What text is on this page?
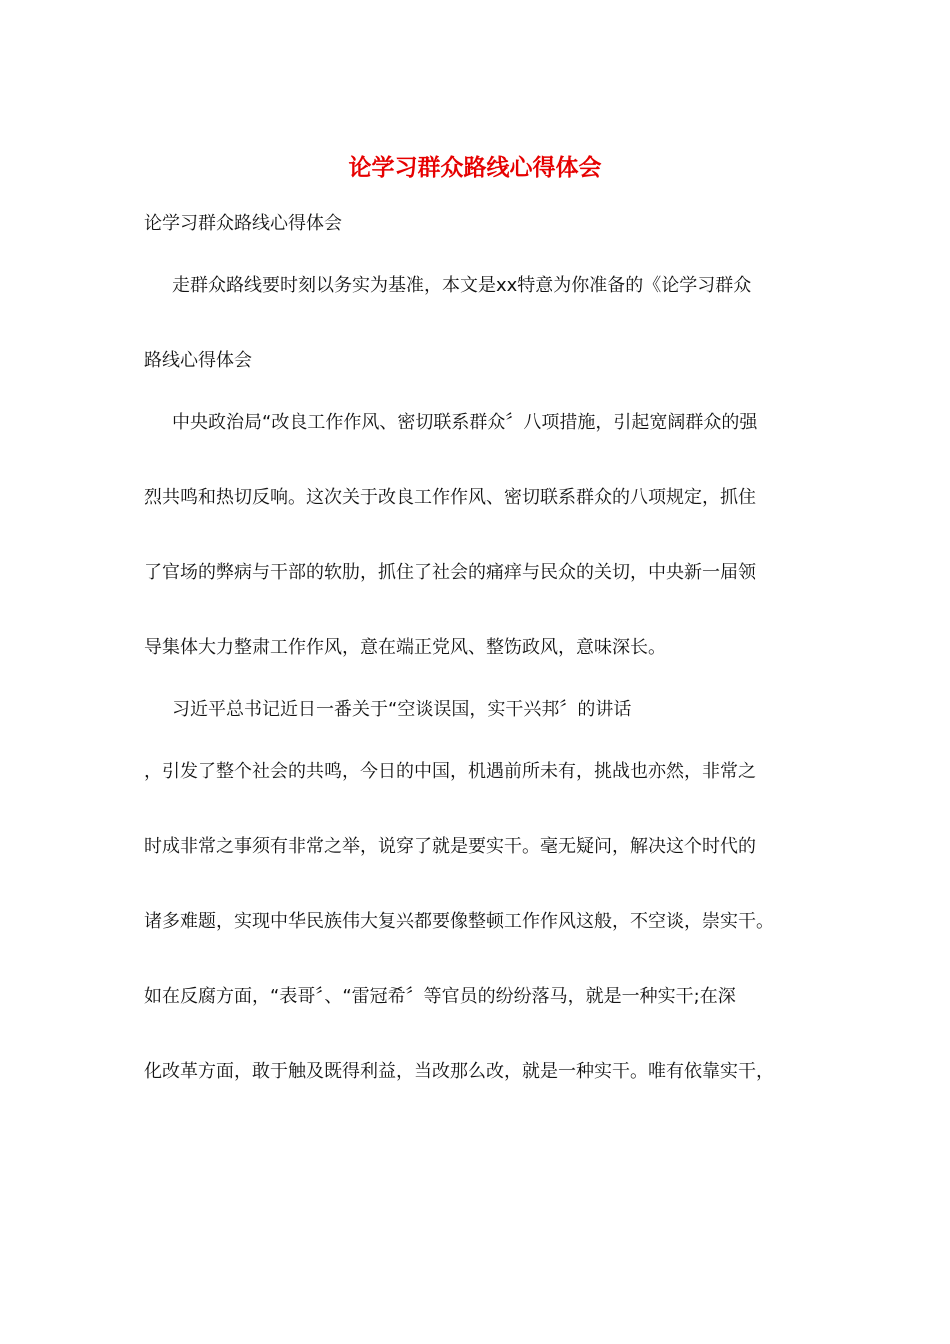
论学习群众路线心得体会
论学习群众路线心得体会
走群众路线要时刻以务实为基准，本文是xx特意为你准备的《论学习群众
路线心得体会
中央政治局“改良工作作风、密切联系群众〞八项措施，引起宽阔群众的强
烈共鸣和热切反响。这次关于改良工作作风、密切联系群众的八项规定，抓住
了官场的弊病与干部的软肋，抓住了社会的痛痒与民众的关切，中央新一届领
导集体大力整肃工作作风，意在端正党风、整饬政风，意味深长。
习近平总书记近日一番关于“空谈误国，实干兴邦〞的讲话
，引发了整个社会的共鸣，今日的中国，机遇前所未有，挑战也亦然，非常之
时成非常之事须有非常之举，说穿了就是要实干。毫无疑问，解决这个时代的
诸多难题，实现中华民族伟大复兴都要像整顿工作作风这般，不空谈，崇实干。
如在反腐方面，“表哥〞、“雷冠希〞等官员的纷纷落马，就是一种实干;在深
化改革方面，敢于触及既得利益，当改那么改，就是一种实干。唯有依靠实干，
